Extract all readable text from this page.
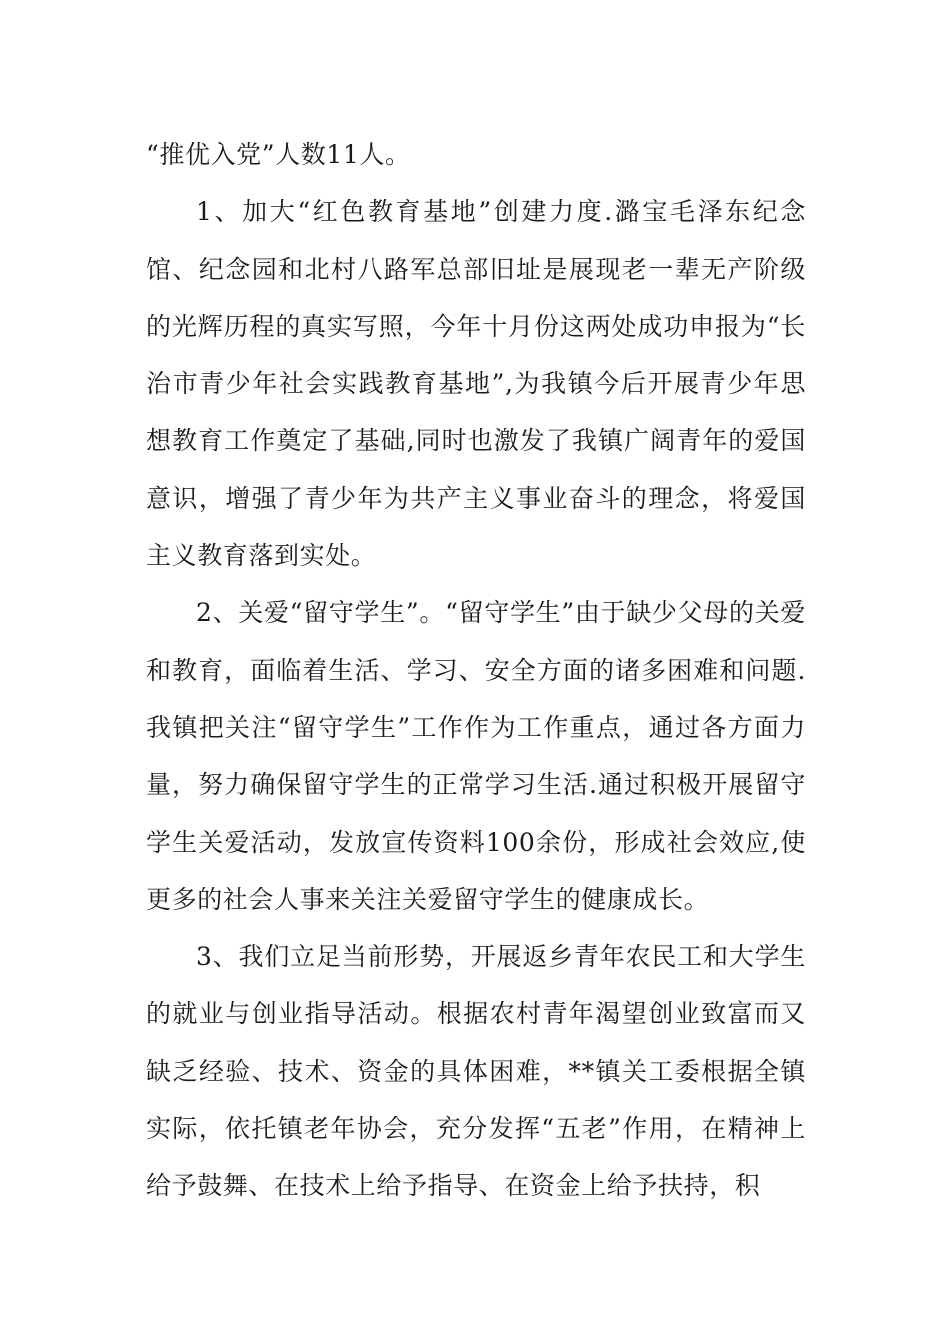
“推优入党”人数11人。

1、加大“红色教育基地”创建力度.潞宝毛泽东纪念馆、纪念园和北村八路军总部旧址是展现老一辈无产阶级的光辉历程的真实写照，今年十月份这两处成功申报为“长治市青少年社会实践教育基地”,为我镇今后开展青少年思想教育工作奠定了基础,同时也激发了我镇广阔青年的爱国意识，增强了青少年为共产主义事业奋斗的理念，将爱国主义教育落到实处。

2、关爱“留守学生”。“留守学生”由于缺少父母的关爱和教育，面临着生活、学习、安全方面的诸多困难和问题.我镇把关注“留守学生”工作作为工作重点，通过各方面力量，努力确保留守学生的正常学习生活.通过积极开展留守学生关爱活动，发放宣传资料100余份，形成社会效应,使更多的社会人事来关注关爱留守学生的健康成长。

3、我们立足当前形势，开展返乡青年农民工和大学生的就业与创业指导活动。根据农村青年渴望创业致富而又缺乏经验、技术、资金的具体困难，**镇关工委根据全镇实际，依托镇老年协会，充分发挥“五老”作用，在精神上给予鼓舞、在技术上给予指导、在资金上给予扶持，积
